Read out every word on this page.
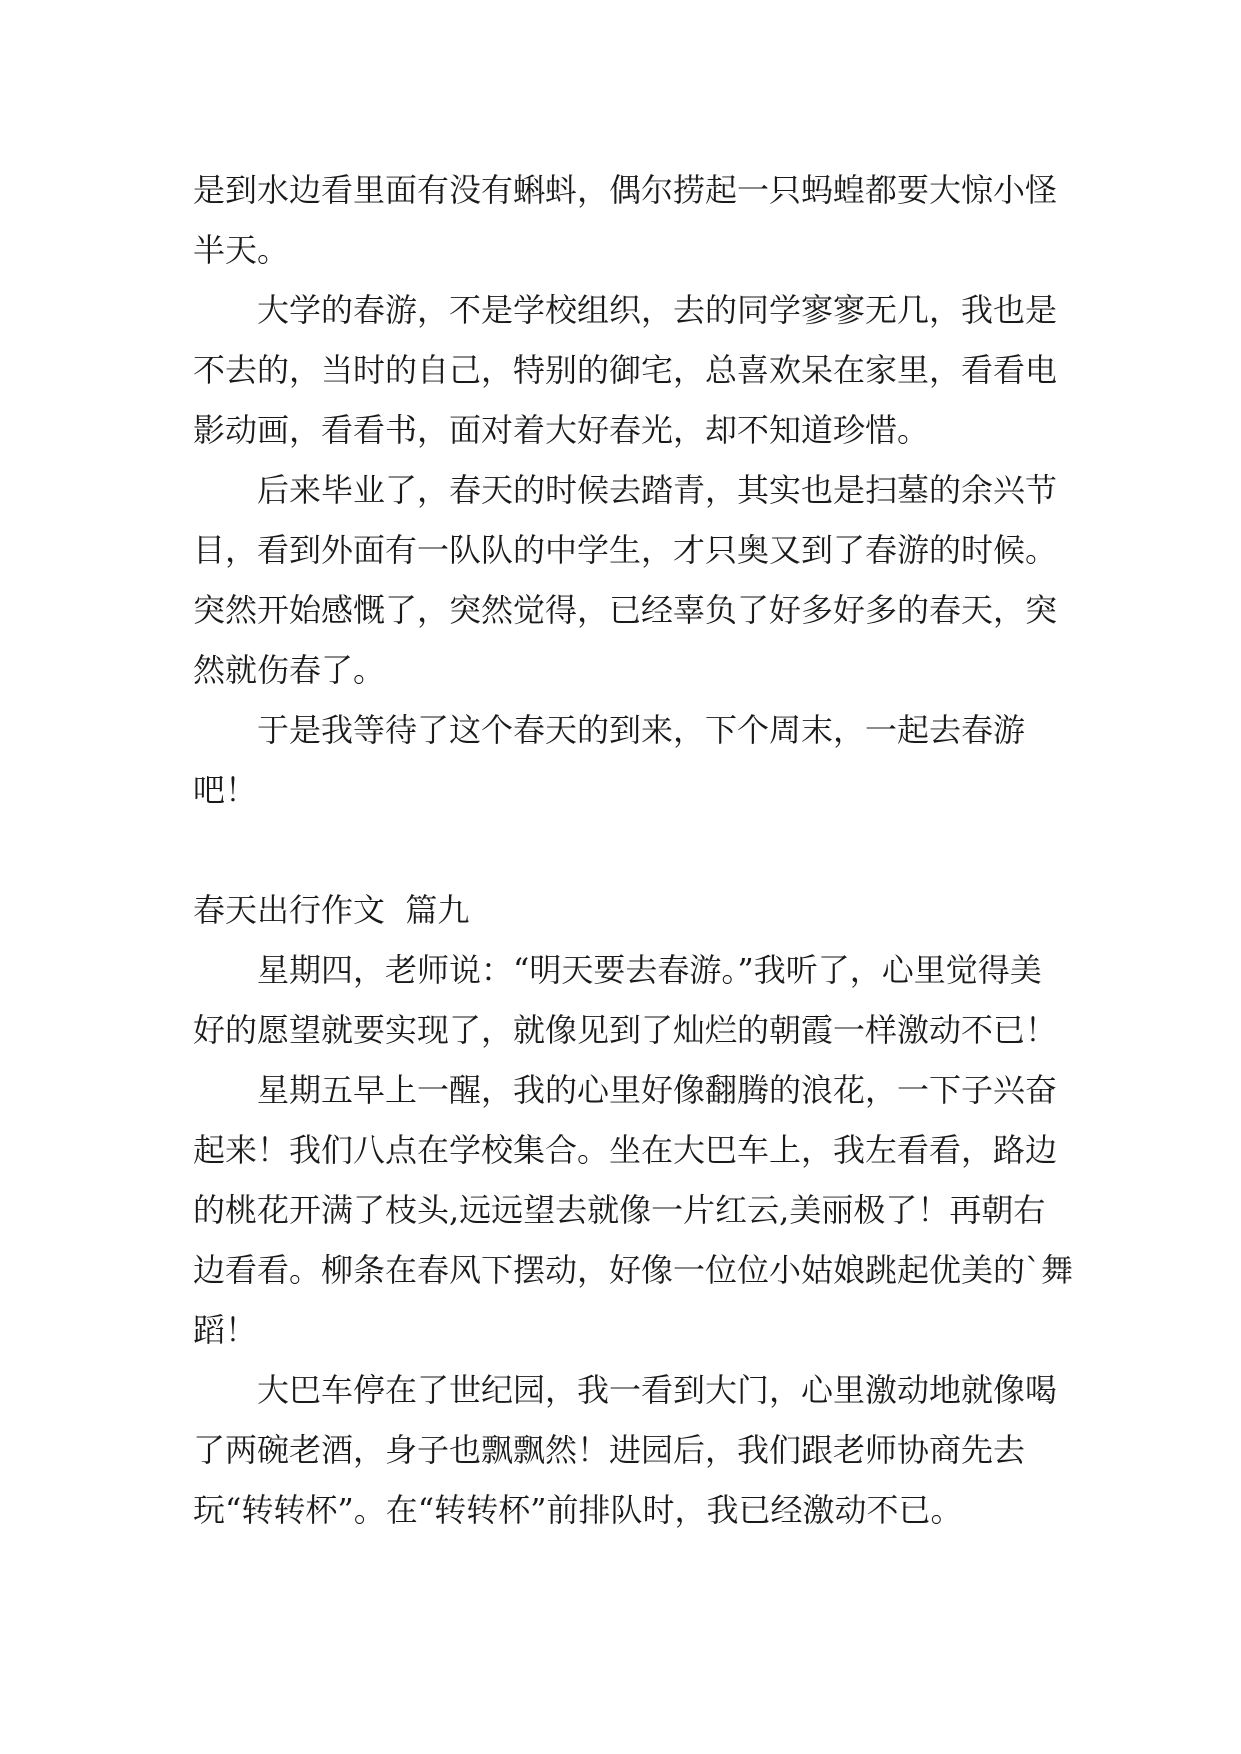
是到水边看里面有没有蝌蚪，偶尔捞起一只蚂蝗都要大惊小怪半天。

大学的春游，不是学校组织，去的同学寥寥无几，我也是不去的，当时的自己，特别的御宅，总喜欢呆在家里，看看电影动画，看看书，面对着大好春光，却不知道珍惜。

后来毕业了，春天的时候去踏青，其实也是扫墓的余兴节目，看到外面有一队队的中学生，才只奥又到了春游的时候。突然开始感慨了，突然觉得，已经辜负了好多好多的春天，突然就伤春了。

于是我等待了这个春天的到来，下个周末，一起去春游吧！

春天出行作文  篇九

星期四，老师说：“明天要去春游。”我听了，心里觉得美好的愿望就要实现了，就像见到了灿烂的朝霞一样激动不已！

星期五早上一醒，我的心里好像翻腾的浪花，一下子兴奋起来！我们八点在学校集合。坐在大巴车上，我左看看，路边的桃花开满了枝头,远远望去就像一片红云,美丽极了！再朝右边看看。柳条在春风下摆动，好像一位位小姑娘跳起优美的`舞蹈！

大巴车停在了世纪园，我一看到大门，心里激动地就像喝了两碗老酒，身子也飘飘然！进园后，我们跟老师协商先去玩“转转杯”。在“转转杯”前排队时，我已经激动不已。
